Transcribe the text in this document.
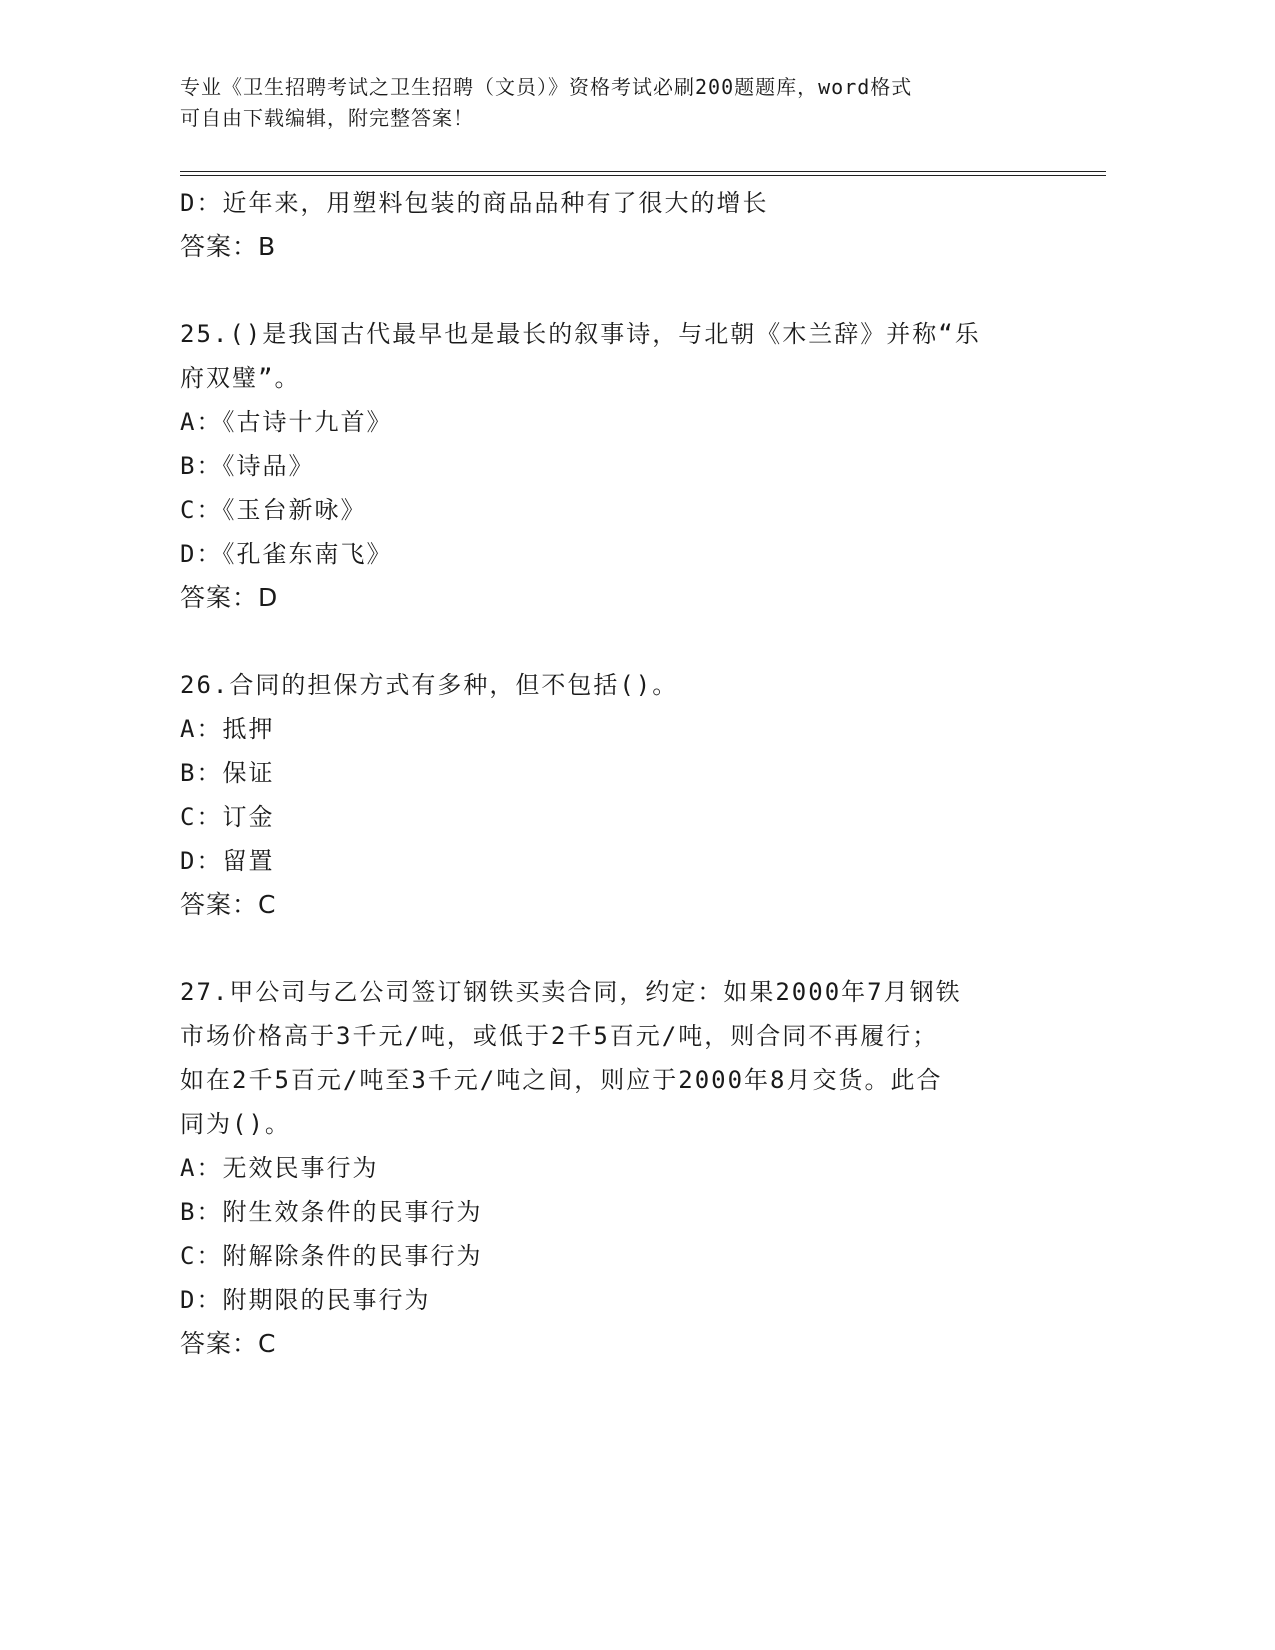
专业《卫生招聘考试之卫生招聘（文员）》资格考试必刷200题题库，word格式
可自由下载编辑，附完整答案！
D：近年来，用塑料包装的商品品种有了很大的增长
答案：B
25.()是我国古代最早也是最长的叙事诗，与北朝《木兰辞》并称“乐
府双璧”。
A：《古诗十九首》
B：《诗品》
C：《玉台新咏》
D：《孔雀东南飞》
答案：D
26.合同的担保方式有多种，但不包括()。
A：抵押
B：保证
C：订金
D：留置
答案：C
27.甲公司与乙公司签订钢铁买卖合同，约定：如果2000年7月钢铁
市场价格高于3千元/吨，或低于2千5百元/吨，则合同不再履行；
如在2千5百元/吨至3千元/吨之间，则应于2000年8月交货。此合
同为()。
A：无效民事行为
B：附生效条件的民事行为
C：附解除条件的民事行为
D：附期限的民事行为
答案：C
